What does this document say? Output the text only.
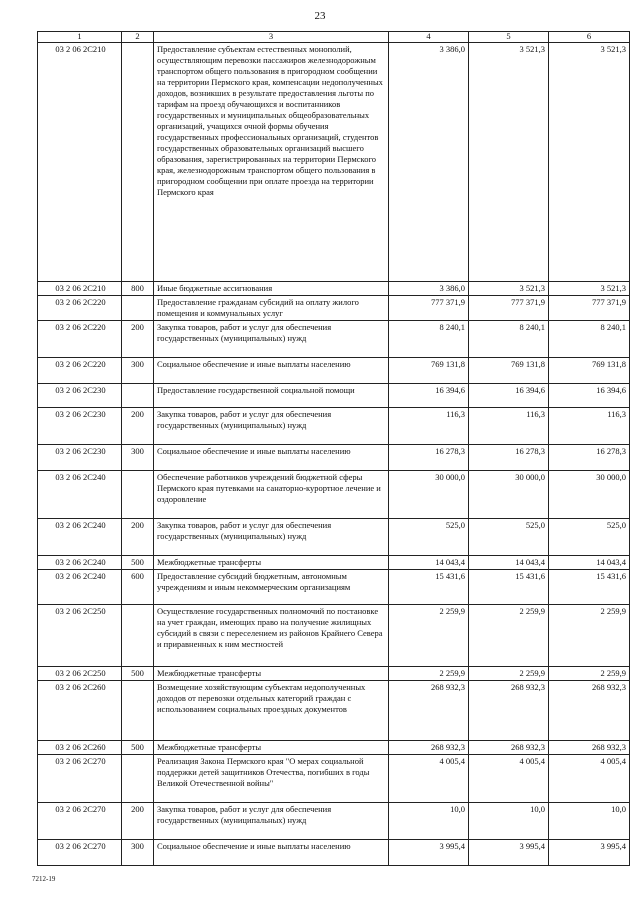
23
1	2	3	4	5	6
03 2 06 2С210		Предоставление субъектам естественных монополий, осуществляющим перевозки пассажиров железнодорожным транспортом общего пользования в пригородном сообщении на территории Пермского края, компенсации недополученных доходов, возникших в результате предоставления льготы по тарифам на проезд обучающихся и воспитанников государственных и муниципальных общеобразовательных организаций, учащихся очной формы обучения государственных профессиональных организаций, студентов государственных образовательных организаций высшего образования, зарегистрированных на территории Пермского края, железнодорожным транспортом общего пользования в пригородном сообщении при оплате проезда на территории Пермского края	3 386,0	3 521,3	3 521,3
03 2 06 2С210	800	Иные бюджетные ассигнования	3 386,0	3 521,3	3 521,3
03 2 06 2С220		Предоставление гражданам субсидий на оплату жилого помещения и коммунальных услуг	777 371,9	777 371,9	777 371,9
03 2 06 2С220	200	Закупка товаров, работ и услуг для обеспечения государственных (муниципальных) нужд	8 240,1	8 240,1	8 240,1
03 2 06 2С220	300	Социальное обеспечение и иные выплаты населению	769 131,8	769 131,8	769 131,8
03 2 06 2С230		Предоставление государственной социальной помощи	16 394,6	16 394,6	16 394,6
03 2 06 2С230	200	Закупка товаров, работ и услуг для обеспечения государственных (муниципальных) нужд	116,3	116,3	116,3
03 2 06 2С230	300	Социальное обеспечение и иные выплаты населению	16 278,3	16 278,3	16 278,3
03 2 06 2С240		Обеспечение работников учреждений бюджетной сферы Пермского края путевками на санаторно-курортное лечение и оздоровление	30 000,0	30 000,0	30 000,0
03 2 06 2С240	200	Закупка товаров, работ и услуг для обеспечения государственных (муниципальных) нужд	525,0	525,0	525,0
03 2 06 2С240	500	Межбюджетные трансферты	14 043,4	14 043,4	14 043,4
03 2 06 2С240	600	Предоставление субсидий бюджетным, автономным учреждениям и иным некоммерческим организациям	15 431,6	15 431,6	15 431,6
03 2 06 2С250		Осуществление государственных полномочий по постановке на учет граждан, имеющих право на получение жилищных субсидий в связи с переселением из районов Крайнего Севера и приравненных к ним местностей	2 259,9	2 259,9	2 259,9
03 2 06 2С250	500	Межбюджетные трансферты	2 259,9	2 259,9	2 259,9
03 2 06 2С260		Возмещение хозяйствующим субъектам недополученных доходов от перевозки отдельных категорий граждан с использованием социальных проездных документов	268 932,3	268 932,3	268 932,3
03 2 06 2С260	500	Межбюджетные трансферты	268 932,3	268 932,3	268 932,3
03 2 06 2С270		Реализация Закона Пермского края "О мерах социальной поддержки детей защитников Отечества, погибших в годы Великой Отечественной войны"	4 005,4	4 005,4	4 005,4
03 2 06 2С270	200	Закупка товаров, работ и услуг для обеспечения государственных (муниципальных) нужд	10,0	10,0	10,0
03 2 06 2С270	300	Социальное обеспечение и иные выплаты населению	3 995,4	3 995,4	3 995,4
7212-19
